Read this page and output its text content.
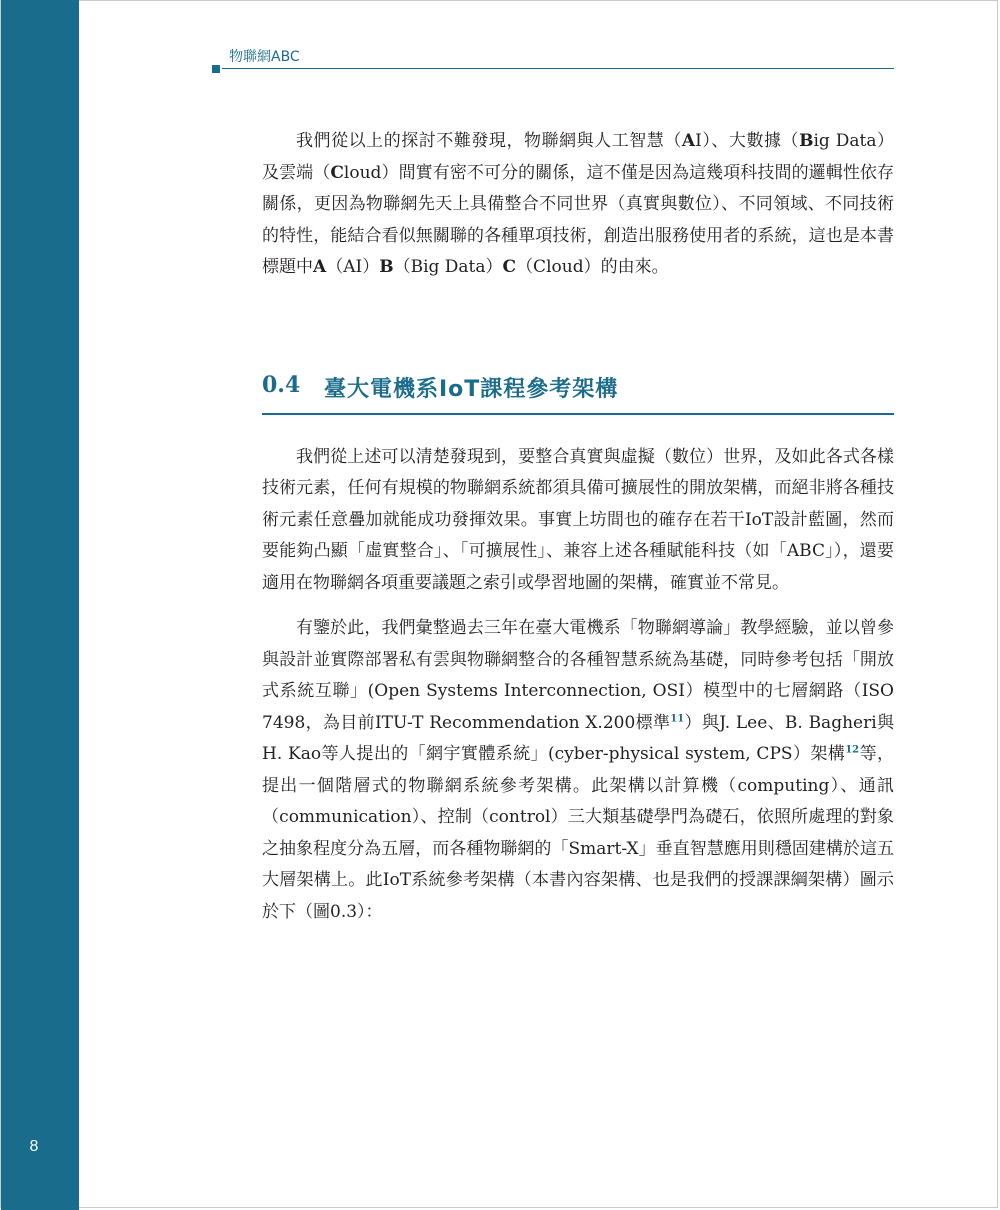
8
物聯網ABC

我們從以上的探討不難發現，物聯網與人工智慧（AI）、大數據（Big Data）及雲端（Cloud）間實有密不可分的關係，這不僅是因為這幾項科技間的邏輯性依存關係，更因為物聯網先天上具備整合不同世界（真實與數位）、不同領域、不同技術的特性，能結合看似無關聯的各種單項技術，創造出服務使用者的系統，這也是本書標題中A（AI）B（Big Data）C（Cloud）的由來。

0.4 臺大電機系IoT課程參考架構

我們從上述可以清楚發現到，要整合真實與虛擬（數位）世界，及如此各式各樣技術元素，任何有規模的物聯網系統都須具備可擴展性的開放架構，而絕非將各種技術元素任意疊加就能成功發揮效果。事實上坊間也的確存在若干IoT設計藍圖，然而要能夠凸顯「虛實整合」、「可擴展性」、兼容上述各種賦能科技（如「ABC」），還要適用在物聯網各項重要議題之索引或學習地圖的架構，確實並不常見。

有鑒於此，我們彙整過去三年在臺大電機系「物聯網導論」教學經驗，並以曾參與設計並實際部署私有雲與物聯網整合的各種智慧系統為基礎，同時參考包括「開放式系統互聯」(Open Systems Interconnection, OSI）模型中的七層網路（ISO 7498，為目前ITU-T Recommendation X.200標準$^{11}$）與J. Lee、B. Bagheri與 H. Kao等人提出的「網宇實體系統」(cyber-physical system, CPS）架構$^{12}$等，提出一個階層式的物聯網系統參考架構。此架構以計算機（computing）、通訊（communication）、控制（control）三大類基礎學門為礎石，依照所處理的對象之抽象程度分為五層，而各種物聯網的「Smart-X」垂直智慧應用則穩固建構於這五大層架構上。此IoT系統參考架構（本書內容架構、也是我們的授課課綱架構）圖示於下（圖0.3）：
